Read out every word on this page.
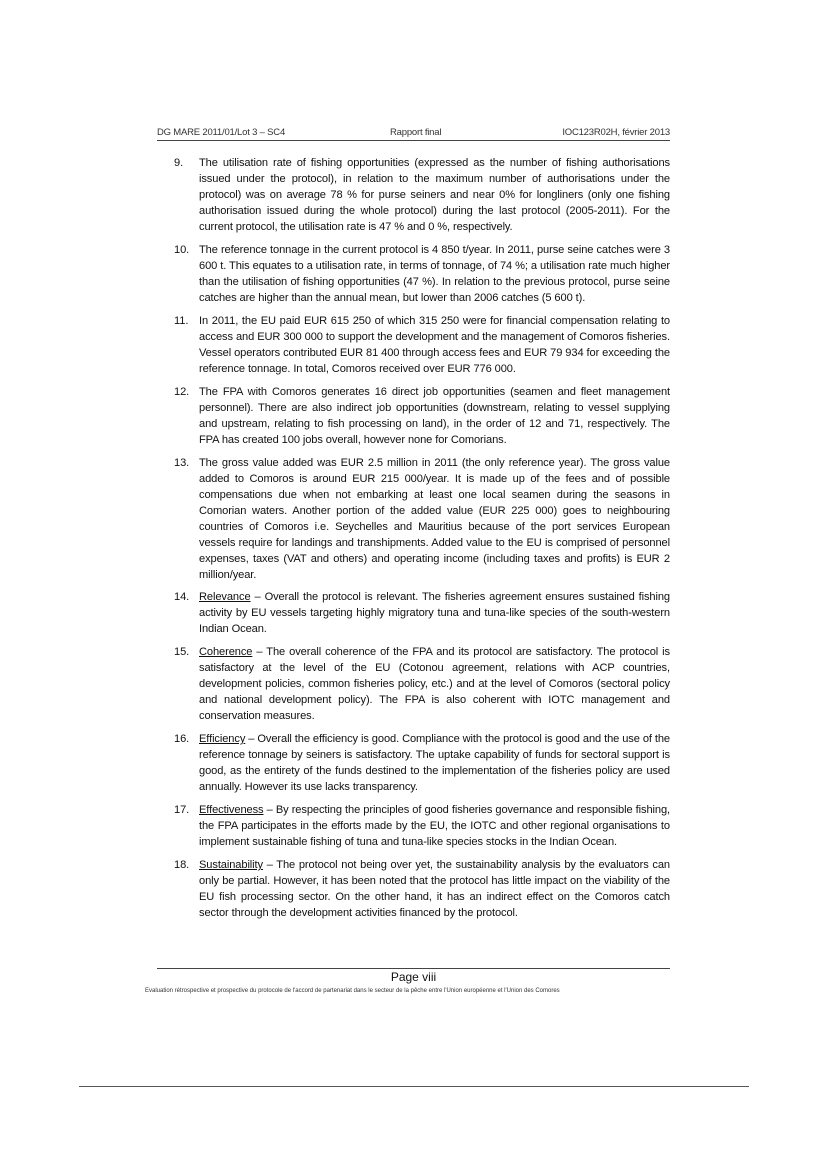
DG MARE 2011/01/Lot 3 – SC4	Rapport final	IOC123R02H, février 2013
9. The utilisation rate of fishing opportunities (expressed as the number of fishing authorisations issued under the protocol), in relation to the maximum number of authorisations under the protocol) was on average 78 % for purse seiners and near 0% for longliners (only one fishing authorisation issued during the whole protocol) during the last protocol (2005-2011). For the current protocol, the utilisation rate is 47 % and 0 %, respectively.
10. The reference tonnage in the current protocol is 4 850 t/year. In 2011, purse seine catches were 3 600 t. This equates to a utilisation rate, in terms of tonnage, of 74 %; a utilisation rate much higher than the utilisation of fishing opportunities (47 %). In relation to the previous protocol, purse seine catches are higher than the annual mean, but lower than 2006 catches (5 600 t).
11. In 2011, the EU paid EUR 615 250 of which 315 250 were for financial compensation relating to access and EUR 300 000 to support the development and the management of Comoros fisheries. Vessel operators contributed EUR 81 400 through access fees and EUR 79 934 for exceeding the reference tonnage. In total, Comoros received over EUR 776 000.
12. The FPA with Comoros generates 16 direct job opportunities (seamen and fleet management personnel). There are also indirect job opportunities (downstream, relating to vessel supplying and upstream, relating to fish processing on land), in the order of 12 and 71, respectively. The FPA has created 100 jobs overall, however none for Comorians.
13. The gross value added was EUR 2.5 million in 2011 (the only reference year). The gross value added to Comoros is around EUR 215 000/year. It is made up of the fees and of possible compensations due when not embarking at least one local seamen during the seasons in Comorian waters. Another portion of the added value (EUR 225 000) goes to neighbouring countries of Comoros i.e. Seychelles and Mauritius because of the port services European vessels require for landings and transhipments. Added value to the EU is comprised of personnel expenses, taxes (VAT and others) and operating income (including taxes and profits) is EUR 2 million/year.
14. Relevance – Overall the protocol is relevant. The fisheries agreement ensures sustained fishing activity by EU vessels targeting highly migratory tuna and tuna-like species of the south-western Indian Ocean.
15. Coherence – The overall coherence of the FPA and its protocol are satisfactory. The protocol is satisfactory at the level of the EU (Cotonou agreement, relations with ACP countries, development policies, common fisheries policy, etc.) and at the level of Comoros (sectoral policy and national development policy). The FPA is also coherent with IOTC management and conservation measures.
16. Efficiency – Overall the efficiency is good. Compliance with the protocol is good and the use of the reference tonnage by seiners is satisfactory. The uptake capability of funds for sectoral support is good, as the entirety of the funds destined to the implementation of the fisheries policy are used annually. However its use lacks transparency.
17. Effectiveness – By respecting the principles of good fisheries governance and responsible fishing, the FPA participates in the efforts made by the EU, the IOTC and other regional organisations to implement sustainable fishing of tuna and tuna-like species stocks in the Indian Ocean.
18. Sustainability – The protocol not being over yet, the sustainability analysis by the evaluators can only be partial. However, it has been noted that the protocol has little impact on the viability of the EU fish processing sector. On the other hand, it has an indirect effect on the Comoros catch sector through the development activities financed by the protocol.
Page viii
Evaluation rétrospective et prospective du protocole de l'accord de partenariat dans le secteur de la pêche entre l'Union européenne et l'Union des Comores
